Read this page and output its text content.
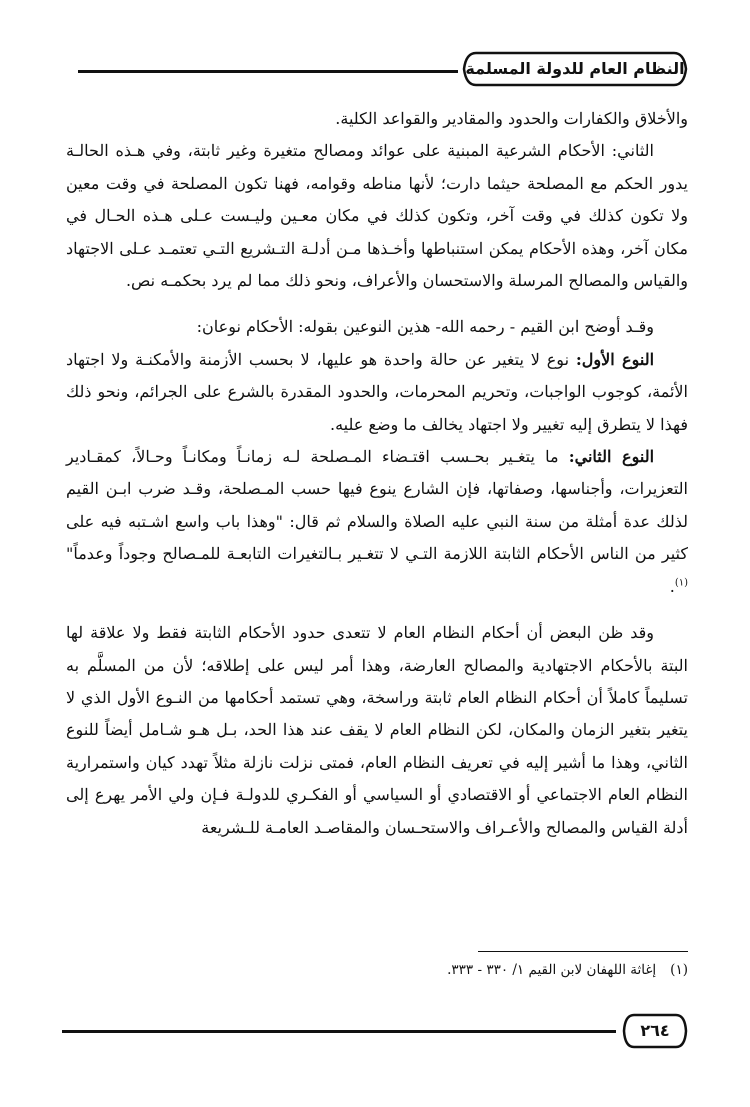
النظام العام للدولة المسلمة

والأخلاق والكفارات والحدود والمقادير والقواعد الكلية.

الثاني: الأحكام الشرعية المبنية على عوائد ومصالح متغيرة وغير ثابتة، وفي هـذه الحالـة يدور الحكم مع المصلحة حيثما دارت؛ لأنها مناطه وقوامه، فهنا تكون المصلحة في وقت معين ولا تكون كذلك في وقت آخر، وتكون كذلك في مكان معـين وليـست عـلى هـذه الحـال في مكان آخر، وهذه الأحكام يمكن استنباطها وأخـذها مـن أدلـة التـشريع التـي تعتمـد عـلى الاجتهاد والقياس والمصالح المرسلة والاستحسان والأعراف، ونحو ذلك مما لم يرد بحكمـه نص.

وقـد أوضح ابن القيم - رحمه الله- هذين النوعين بقوله: الأحكام نوعان:

النوع الأول: نوع لا يتغير عن حالة واحدة هو عليها، لا بحسب الأزمنة والأمكنـة ولا اجتهاد الأئمة، كوجوب الواجبات، وتحريم المحرمات، والحدود المقدرة بالشرع على الجرائم، ونحو ذلك فهذا لا يتطرق إليه تغيير ولا اجتهاد يخالف ما وضع عليه.

النوع الثاني: ما يتغـير بحـسب اقتـضاء المـصلحة لـه زمانـاً ومكانـاً وحـالاً، كمقـادير التعزيرات، وأجناسها، وصفاتها، فإن الشارع ينوع فيها حسب المـصلحة، وقـد ضرب ابـن القيم لذلك عدة أمثلة من سنة النبي عليه الصلاة والسلام ثم قال: "وهذا باب واسع اشـتبه فيه على كثير من الناس الأحكام الثابتة اللازمة التـي لا تتغـير بـالتغيرات التابعـة للمـصالح وجوداً وعدماً" $^{(١)}$.

وقد ظن البعض أن أحكام النظام العام لا تتعدى حدود الأحكام الثابتة فقط ولا علاقة لها البتة بالأحكام الاجتهادية والمصالح العارضة، وهذا أمر ليس على إطلاقه؛ لأن من المسلَّم به تسليماً كاملاً أن أحكام النظام العام ثابتة وراسخة، وهي تستمد أحكامها من النـوع الأول الذي لا يتغير بتغير الزمان والمكان، لكن النظام العام لا يقف عند هذا الحد، بـل هـو شـامل أيضاً للنوع الثاني، وهذا ما أشير إليه في تعريف النظام العام، فمتى نزلت نازلة مثلاً تهدد كيان واستمرارية النظام العام الاجتماعي أو الاقتصادي أو السياسي أو الفكـري للدولـة فـإن ولي الأمر يهرع إلى أدلة القياس والمصالح والأعـراف والاستحـسان والمقاصـد العامـة للـشريعة

(١)إغاثة اللهفان لابن القيم ١/ ٣٣٠ - ٣٣٣.
٢٦٤
